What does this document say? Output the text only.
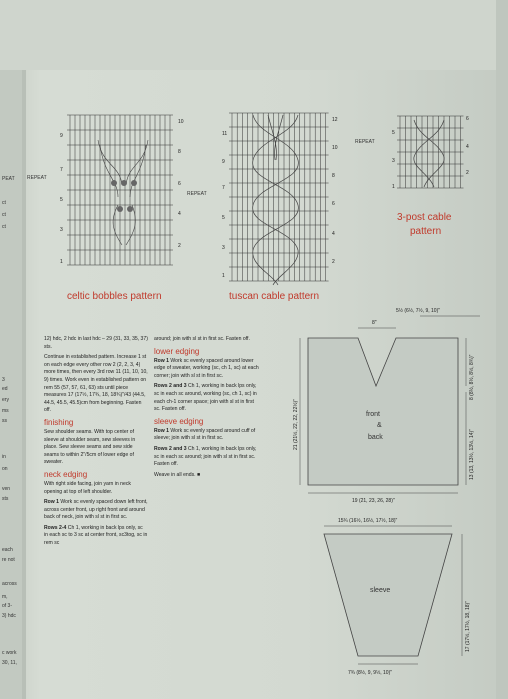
PEAT
ct
ct
ct
3
ed
ery
ms
ss
in
on
ven
sts
each
re not
across
m,
of 3-
3) hdc
c work
30, 11,
9
7
5
3
1
10
8
6
4
2
REPEAT
celtic bobbles pattern
11
9
7
5
3
1
12
10
8
6
4
2
REPEAT
tuscan cable pattern
5
3
1
6
4
2
REPEAT
3-post cable
pattern

12) hdc, 2 hdc in last hdc – 29 (31, 33, 35, 37) sts.

Continue in established pattern. Increase 1 st on each edge every other row 2 (2, 2, 3, 4) more times, then every 3rd row 11 (11, 10, 10, 9) times. Work even in established pattern on rem 55 (57, 57, 61, 63) sts until piece measures 17 (17½, 17¾, 18, 18¾)"/43 (44.5, 44.5, 45.5, 45.5)cm from beginning. Fasten off.

finishing

Sew shoulder seams. With top center of sleeve at shoulder seam, sew sleeves in place. Sew sleeve seams and sew side seams to within 2"/5cm of lower edge of sweater.

neck edging

With right side facing, join yarn in neck opening at top of left shoulder.

Row 1 Work sc evenly spaced down left front, across center front, up right front and around back of neck, join with sl st in first sc.

Rows 2-4 Ch 1, working in back lps only, sc in each sc to 3 sc at center front, sc3tog, sc in rem sc

around; join with sl st in first sc. Fasten off.

lower edging

Row 1 Work sc evenly spaced around lower edge of sweater, working (sc, ch 1, sc) at each corner; join with sl st in first sc.

Rows 2 and 3 Ch 1, working in back lps only, sc in each sc around, working (sc, ch 1, sc) in each ch-1 corner space; join with sl st in first sc. Fasten off.

sleeve edging

Row 1 Work sc evenly spaced around cuff of sleeve; join with sl st in first sc.

Rows 2 and 3 Ch 1, working in back lps only, sc in each sc around; join with sl st in first sc. Fasten off.

Weave in all ends. ■

front
&
back
5½ (6½, 7½, 9, 10)"
8"
21 (21½, 22, 22, 22½)"
8 (8½, 8½, 8½, 8¾)"
13 (13, 13½, 13½, 14)"
19 (21, 23, 26, 28)"
15¾ (16½, 16½, 17½, 18)"
sleeve
17 (17½, 17½, 18, 18)"
7¾ (8½, 9, 9½, 10)"
